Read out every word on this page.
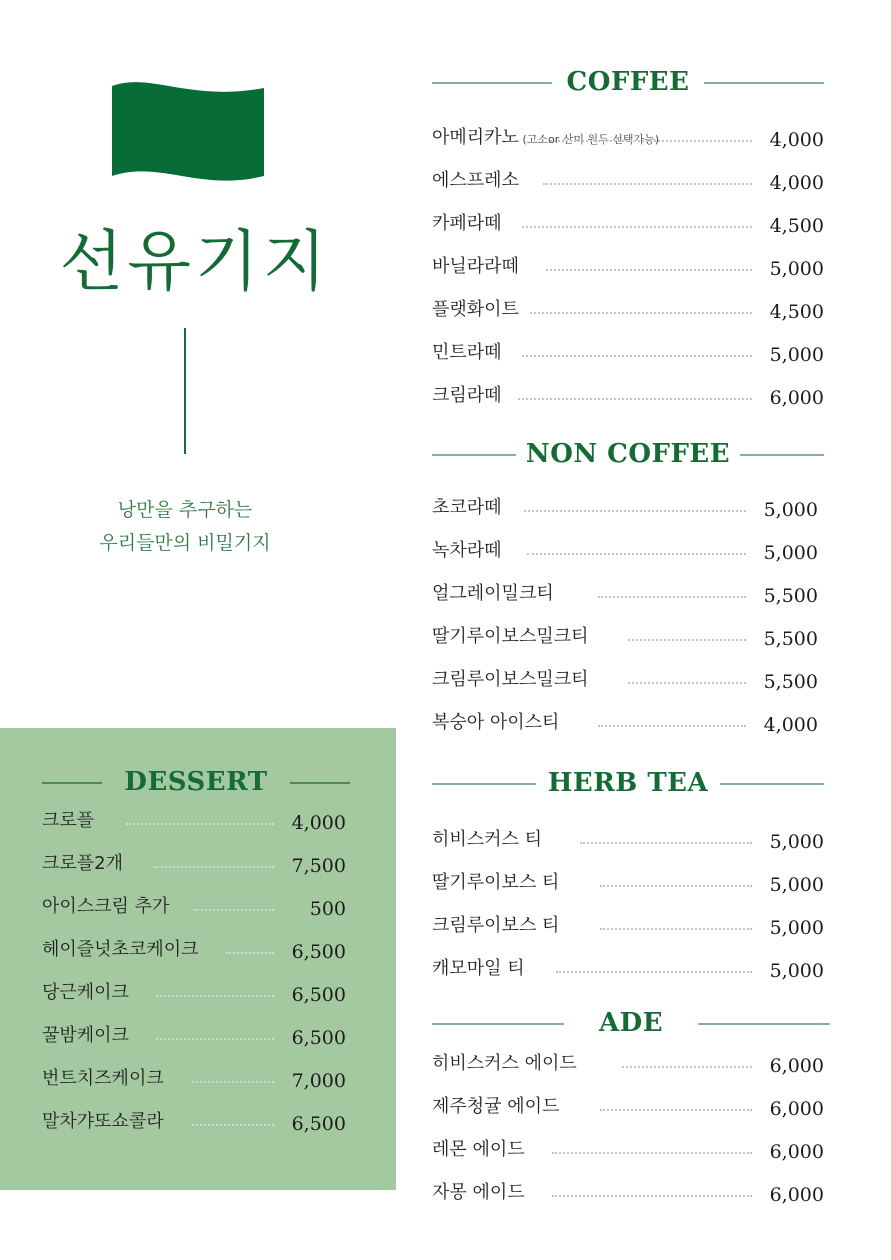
선유기지
낭만을 추구하는
우리들만의 비밀기지
DESSERT
크로플	4,000
크로플2개	7,500
아이스크림 추가	500
헤이즐넛초코케이크	6,500
당근케이크	6,500
꿀밤케이크	6,500
번트치즈케이크	7,000
말차갸또쇼콜라	6,500
COFFEE
아메리카노 (고소or 산미 원두 선택가능)	4,000
에스프레소	4,000
카페라떼	4,500
바닐라라떼	5,000
플랫화이트	4,500
민트라떼	5,000
크림라떼	6,000
NON COFFEE
초코라떼	5,000
녹차라떼	5,000
얼그레이밀크티	5,500
딸기루이보스밀크티	5,500
크림루이보스밀크티	5,500
복숭아 아이스티	4,000
HERB TEA
히비스커스 티	5,000
딸기루이보스 티	5,000
크림루이보스 티	5,000
캐모마일 티	5,000
ADE
히비스커스 에이드	6,000
제주청귤 에이드	6,000
레몬 에이드	6,000
자몽 에이드	6,000
